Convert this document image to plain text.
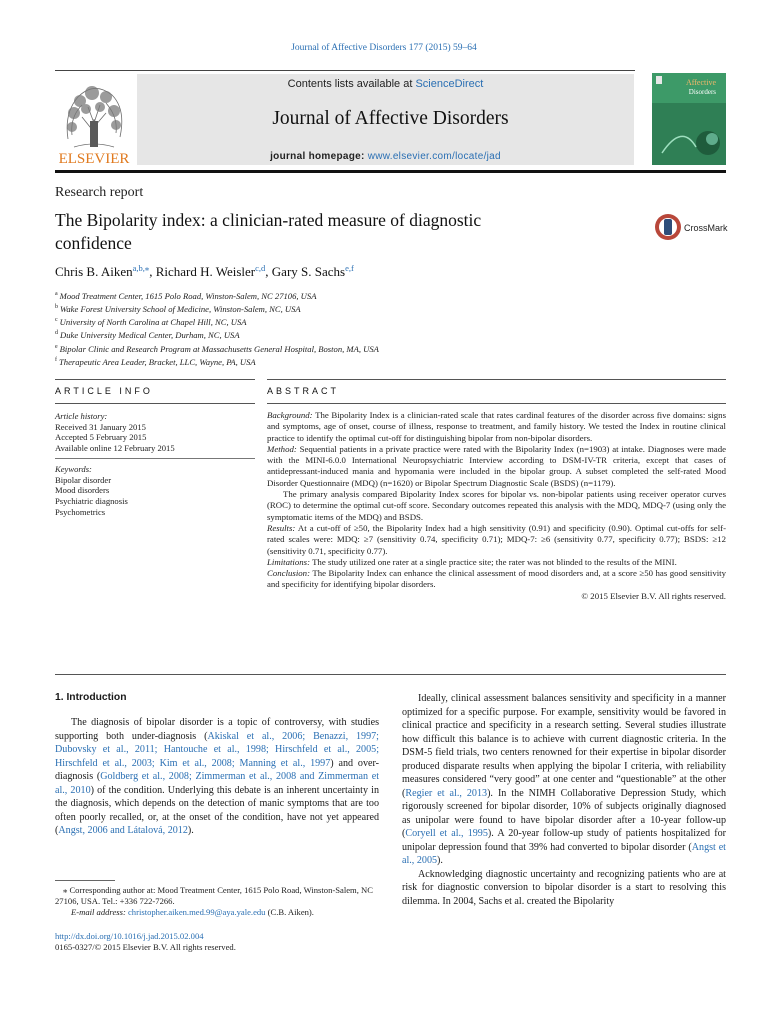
Journal of Affective Disorders 177 (2015) 59–64
ELSEVIER
Contents lists available at ScienceDirect
Journal of Affective Disorders
journal homepage: www.elsevier.com/locate/jad
Affective
Disorders
Research report
The Bipolarity index: a clinician-rated measure of diagnostic confidence
CrossMark
Chris B. Aiken$^{a,b,⁎}$, Richard H. Weisler$^{c,d}$, Gary S. Sachs$^{e,f}$
$^a$ Mood Treatment Center, 1615 Polo Road, Winston-Salem, NC 27106, USA
$^b$ Wake Forest University School of Medicine, Winston-Salem, NC, USA
$^c$ University of North Carolina at Chapel Hill, NC, USA
$^d$ Duke University Medical Center, Durham, NC, USA
$^e$ Bipolar Clinic and Research Program at Massachusetts General Hospital, Boston, MA, USA
$^f$ Therapeutic Area Leader, Bracket, LLC, Wayne, PA, USA
ARTICLE INFO	ABSTRACT
Article history:
Received 31 January 2015
Accepted 5 February 2015
Available online 12 February 2015
Keywords:
Bipolar disorder
Mood disorders
Psychiatric diagnosis
Psychometrics

Background: The Bipolarity Index is a clinician-rated scale that rates cardinal features of the disorder across five domains: signs and symptoms, age of onset, course of illness, response to treatment, and family history. We tested the Index in routine clinical practice to identify the optimal cut-off for distinguishing bipolar from non-bipolar disorders.

Method: Sequential patients in a private practice were rated with the Bipolarity Index (n=1903) at intake. Diagnoses were made with the MINI-6.0.0 International Neuropsychiatric Interview according to DSM-IV-TR criteria, except that cases of antidepressant-induced mania and hypomania were included in the bipolar group. A subset completed the self-rated Mood Disorder Questionnaire (MDQ) (n=1620) or Bipolar Spectrum Diagnostic Scale (BSDS) (n=1179).

The primary analysis compared Bipolarity Index scores for bipolar vs. non-bipolar patients using receiver operator curves (ROC) to determine the optimal cut-off score. Secondary outcomes repeated this analysis with the MDQ, MDQ-7 (using only the symptomatic items of the MDQ) and BSDS.

Results: At a cut-off of ≥50, the Bipolarity Index had a high sensitivity (0.91) and specificity (0.90). Optimal cut-offs for self-rated scales were: MDQ: ≥7 (sensitivity 0.74, specificity 0.71); MDQ-7: ≥6 (sensitivity 0.77, specificity 0.77); BSDS: ≥12 (sensitivity 0.71, specificity 0.77).

Limitations: The study utilized one rater at a single practice site; the rater was not blinded to the results of the MINI.

Conclusion: The Bipolarity Index can enhance the clinical assessment of mood disorders and, at a score ≥50 has good sensitivity and specificity for identifying bipolar disorders.

© 2015 Elsevier B.V. All rights reserved.

1. Introduction

The diagnosis of bipolar disorder is a topic of controversy, with studies supporting both under-diagnosis (Akiskal et al., 2006; Benazzi, 1997; Dubovsky et al., 2011; Hantouche et al., 1998; Hirschfeld et al., 2005; Hirschfeld et al., 2003; Kim et al., 2008; Manning et al., 1997) and over-diagnosis (Goldberg et al., 2008; Zimmerman et al., 2008 and Zimmerman et al., 2010) of the condition. Underlying this debate is an inherent uncertainty in the diagnosis, which depends on the detection of manic symptoms that are too often poorly recalled, or, at the onset of the condition, have not yet appeared (Angst, 2006 and Látalová, 2012).

Ideally, clinical assessment balances sensitivity and specificity in a manner optimized for a specific purpose. For example, sensitivity would be favored in clinical practice and specificity in a research setting. Several studies illustrate how difficult this balance is to achieve with current diagnostic criteria. In the DSM-5 field trials, two centers renowned for their expertise in bipolar disorder produced disparate results when applying the bipolar I criteria, with reliability measures considered “very good” at one center and “questionable” at the other (Regier et al., 2013). In the NIMH Collaborative Depression Study, which rigorously screened for bipolar disorder, 10% of subjects originally diagnosed as unipolar were found to have bipolar disorder after a 10-year follow-up (Coryell et al., 1995). A 20-year follow-up study of patients hospitalized for unipolar depression found that 39% had converted to bipolar disorder (Angst et al., 2005).

Acknowledging diagnostic uncertainty and recognizing patients who are at risk for diagnostic conversion to bipolar disorder is a start to resolving this dilemma. In 2004, Sachs et al. created the Bipolarity

⁎ Corresponding author at: Mood Treatment Center, 1615 Polo Road, Winston-Salem, NC 27106, USA. Tel.: +336 722-7266.

E-mail address: christopher.aiken.med.99@aya.yale.edu (C.B. Aiken).

http://dx.doi.org/10.1016/j.jad.2015.02.004
0165-0327/© 2015 Elsevier B.V. All rights reserved.
